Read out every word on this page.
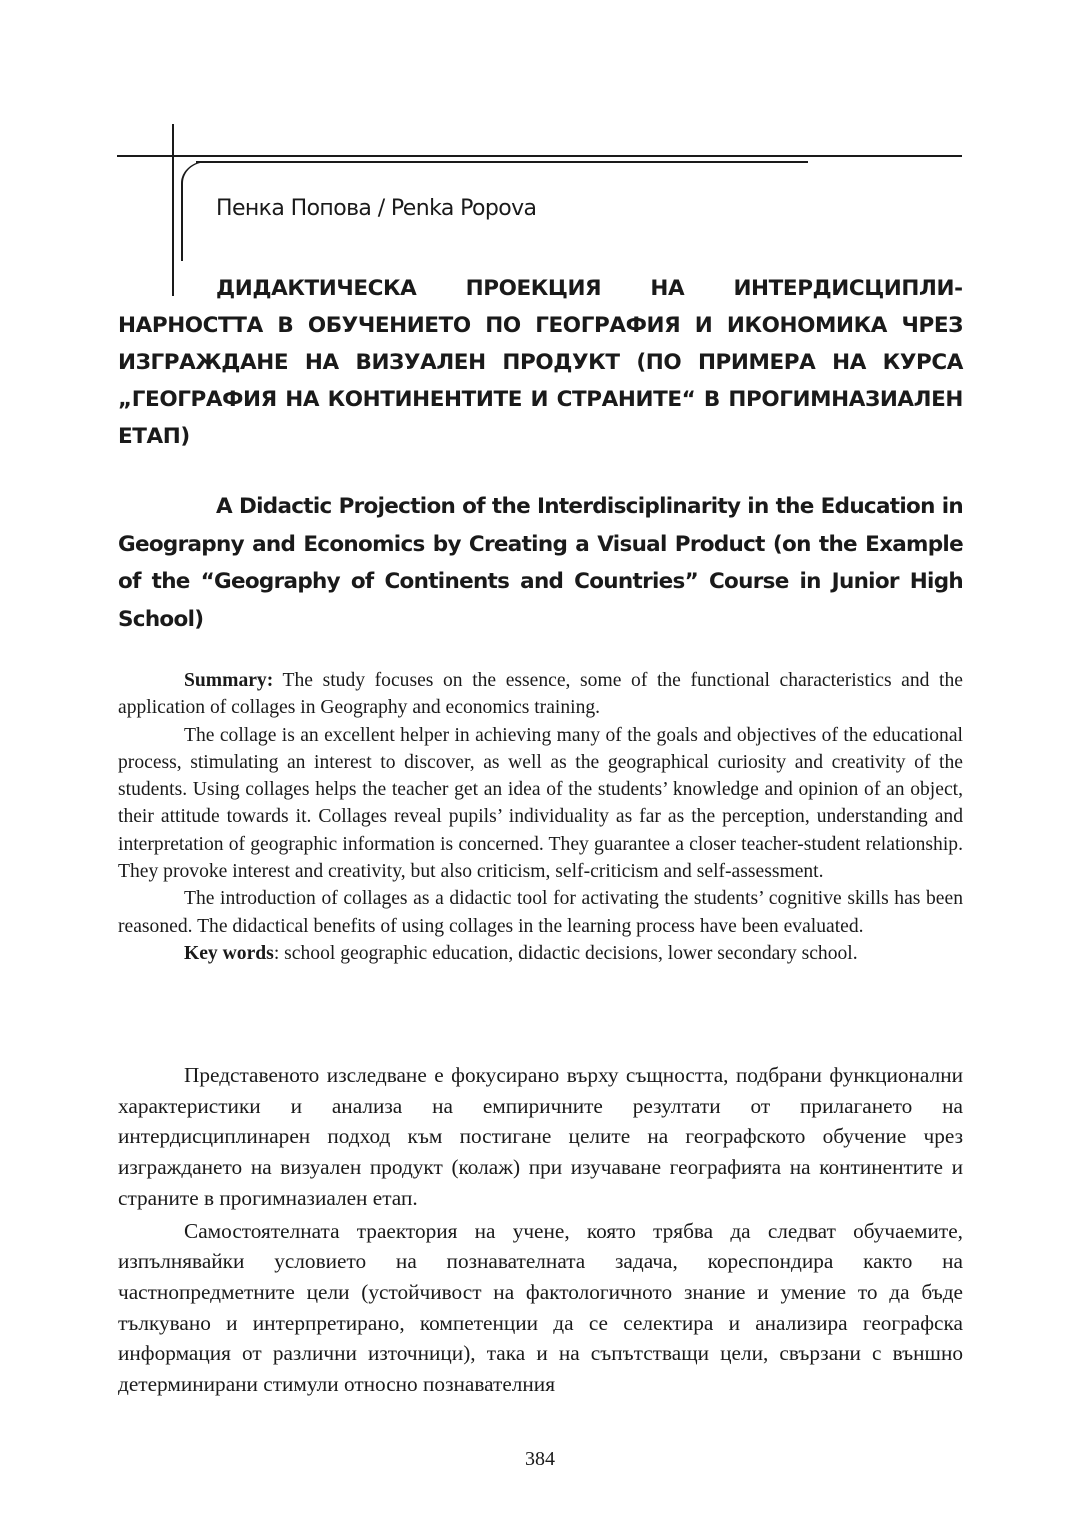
Пенка Попова / Penka Popova

ДИДАКТИЧЕСКА ПРОЕКЦИЯ НА ИНТЕРДИСЦИПЛИНАРНОСТТА В ОБУЧЕНИЕТО ПО ГЕОГРАФИЯ И ИКОНОМИКА ЧРЕЗ ИЗГРАЖДАНЕ НА ВИЗУАЛЕН ПРОДУКТ (ПО ПРИМЕРА НА КУРСА „ГЕОГРАФИЯ НА КОНТИНЕНТИТЕ И СТРАНИТЕ“ В ПРОГИМНАЗИАЛЕН ЕТАП)
A Didactic Projection of the Interdisciplinarity in the Education in Geograpny and Economics by Creating a Visual Product (on the Example of the “Geography of Continents and Countries” Course in Junior High School)

Summary: The study focuses on the essence, some of the functional characteristics and the application of collages in Geography and economics training.

The collage is an excellent helper in achieving many of the goals and objectives of the educational process, stimulating an interest to discover, as well as the geographical curiosity and creativity of the students. Using collages helps the teacher get an idea of the students’ knowledge and opinion of an object, their attitude towards it. Collages reveal pupils’ individuality as far as the perception, understanding and interpretation of geographic information is concerned. They guarantee a closer teacher-student relationship. They provoke interest and creativity, but also criticism, self-criticism and self-assessment.

The introduction of collages as a didactic tool for activating the students’ cognitive skills has been reasoned. The didactical benefits of using collages in the learning process have been evaluated.

Key words: school geographic education, didactic decisions, lower secondary school.

Представеното изследване е фокусирано върху същността, подбрани функционални характеристики и анализа на емпиричните резултати от прилагането на интердисциплинарен подход към постигане целите на географското обучение чрез изграждането на визуален продукт (колаж) при изучаване географията на континентите и страните в прогимназиален етап.

Самостоятелната траектория на учене, която трябва да следват обучаемите, изпълнявайки условието на познавателната задача, кореспондира както на частнопредметните цели (устойчивост на фактологичното знание и умение то да бъде тълкувано и интерпретирано, компетенции да се селектира и анализира географска информация от различни източници), така и на съпътстващи цели, свързани с външно детерминирани стимули относно познавателния

384
